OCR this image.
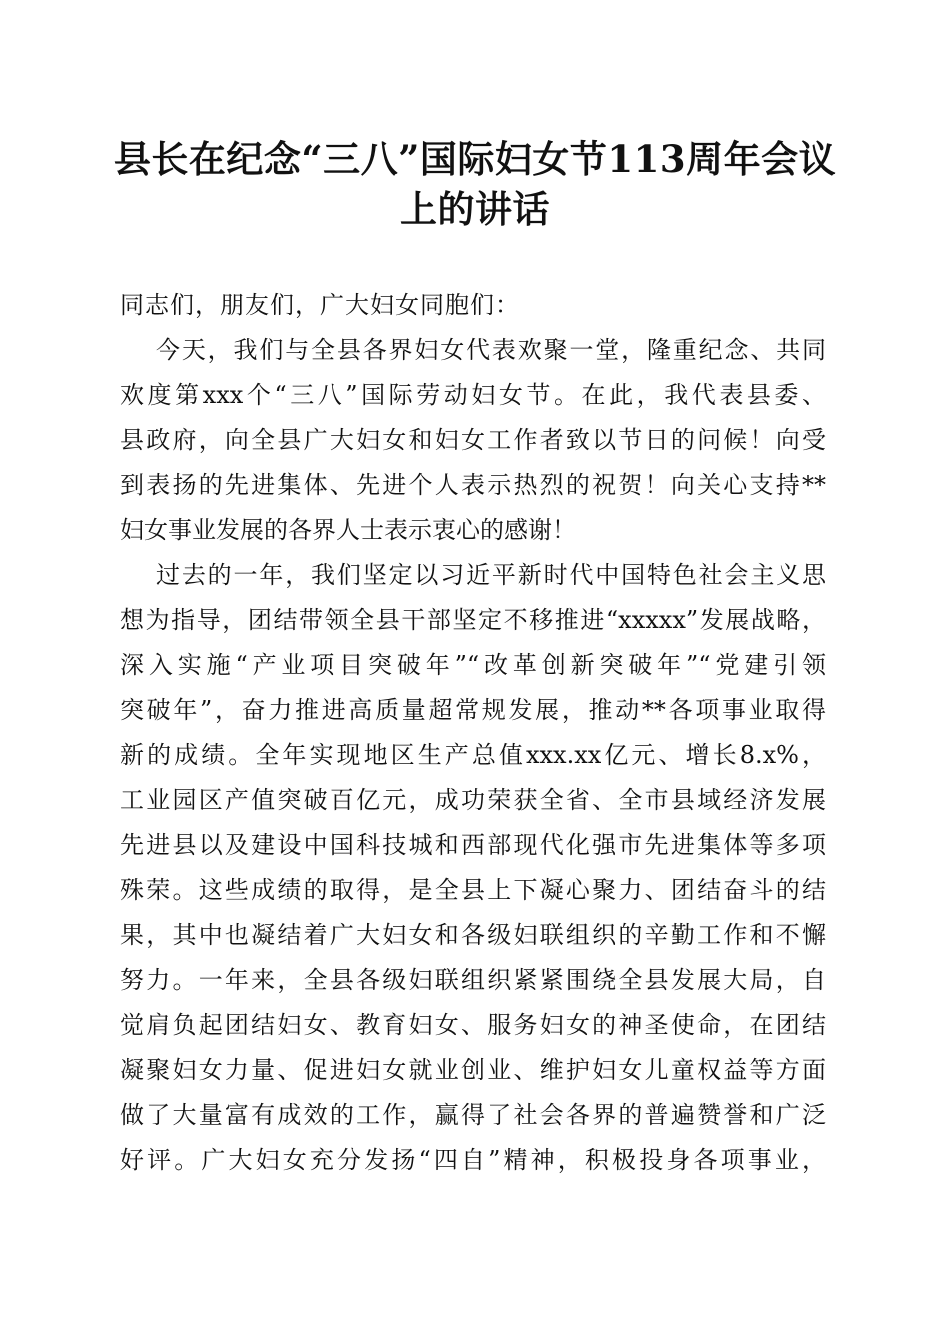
县长在纪念“三八”国际妇女节113周年会议
上的讲话

同志们，朋友们，广大妇女同胞们：

今天，我们与全县各界妇女代表欢聚一堂，隆重纪念、共同
欢度第xxx个“三八”国际劳动妇女节。在此，我代表县委、
县政府，向全县广大妇女和妇女工作者致以节日的问候！向受
到表扬的先进集体、先进个人表示热烈的祝贺！向关心支持**
妇女事业发展的各界人士表示衷心的感谢！

过去的一年，我们坚定以习近平新时代中国特色社会主义思
想为指导，团结带领全县干部坚定不移推进“xxxxx”发展战略，
深入实施“产业项目突破年”“改革创新突破年”“党建引领
突破年”，奋力推进高质量超常规发展，推动**各项事业取得
新的成绩。全年实现地区生产总值xxx.xx亿元、增长8.x%，
工业园区产值突破百亿元，成功荣获全省、全市县域经济发展
先进县以及建设中国科技城和西部现代化强市先进集体等多项
殊荣。这些成绩的取得，是全县上下凝心聚力、团结奋斗的结
果，其中也凝结着广大妇女和各级妇联组织的辛勤工作和不懈
努力。一年来，全县各级妇联组织紧紧围绕全县发展大局，自
觉肩负起团结妇女、教育妇女、服务妇女的神圣使命，在团结
凝聚妇女力量、促进妇女就业创业、维护妇女儿童权益等方面
做了大量富有成效的工作，赢得了社会各界的普遍赞誉和广泛
好评。广大妇女充分发扬“四自”精神，积极投身各项事业，
